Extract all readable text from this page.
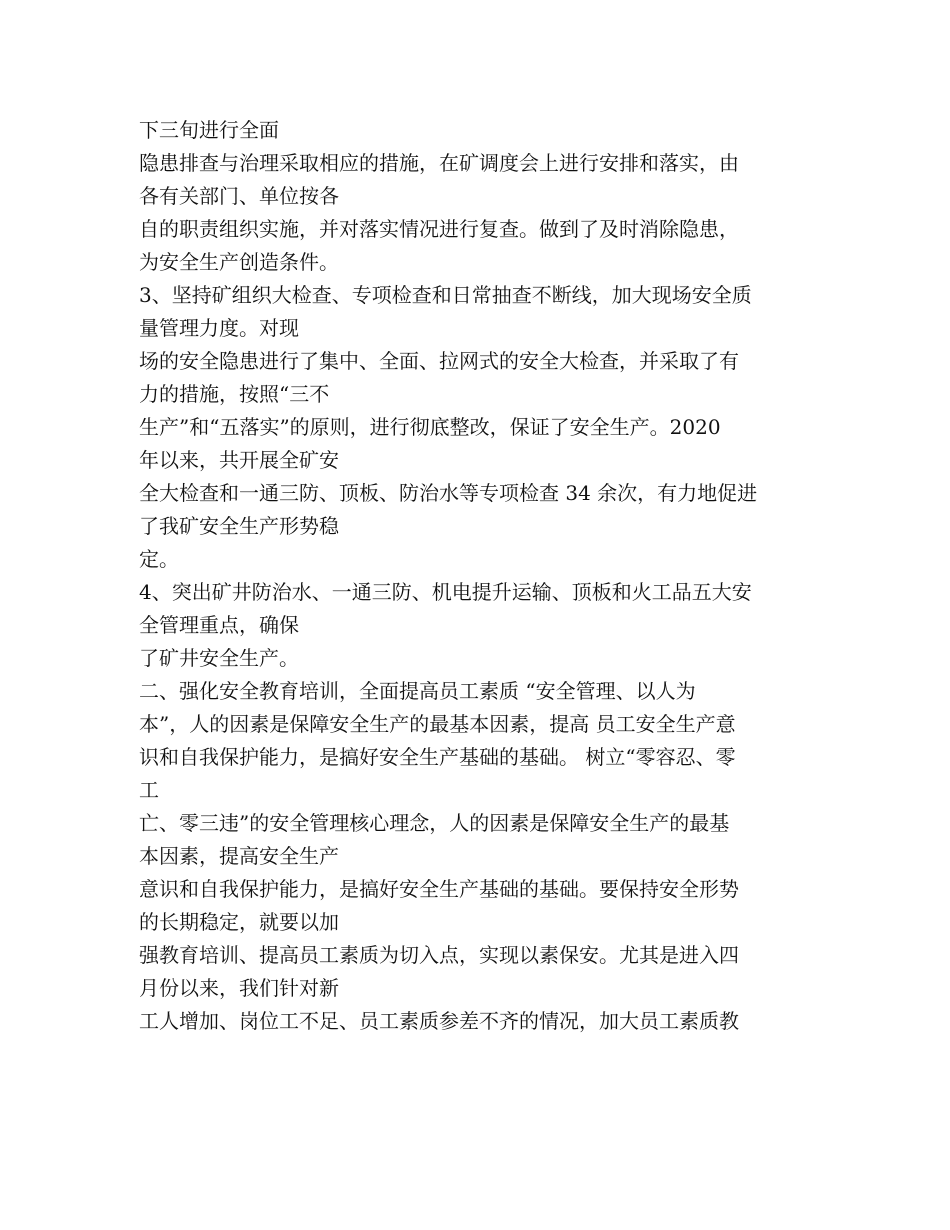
下三旬进行全面
隐患排查与治理采取相应的措施，在矿调度会上进行安排和落实，由
各有关部门、单位按各
自的职责组织实施，并对落实情况进行复查。做到了及时消除隐患，
为安全生产创造条件。
3、坚持矿组织大检查、专项检查和日常抽查不断线，加大现场安全质
量管理力度。对现
场的安全隐患进行了集中、全面、拉网式的安全大检查，并采取了有
力的措施，按照“三不
生产”和“五落实”的原则，进行彻底整改，保证了安全生产。2020
年以来，共开展全矿安
全大检查和一通三防、顶板、防治水等专项检查 34 余次，有力地促进
了我矿安全生产形势稳
定。
4、突出矿井防治水、一通三防、机电提升运输、顶板和火工品五大安
全管理重点，确保
了矿井安全生产。
二、强化安全教育培训，全面提高员工素质 “安全管理、以人为
本”，人的因素是保障安全生产的最基本因素，提高 员工安全生产意
识和自我保护能力，是搞好安全生产基础的基础。 树立“零容忍、零
工
亡、零三违”的安全管理核心理念，人的因素是保障安全生产的最基
本因素，提高安全生产
意识和自我保护能力，是搞好安全生产基础的基础。要保持安全形势
的长期稳定，就要以加
强教育培训、提高员工素质为切入点，实现以素保安。尤其是进入四
月份以来，我们针对新
工人增加、岗位工不足、员工素质参差不齐的情况，加大员工素质教
